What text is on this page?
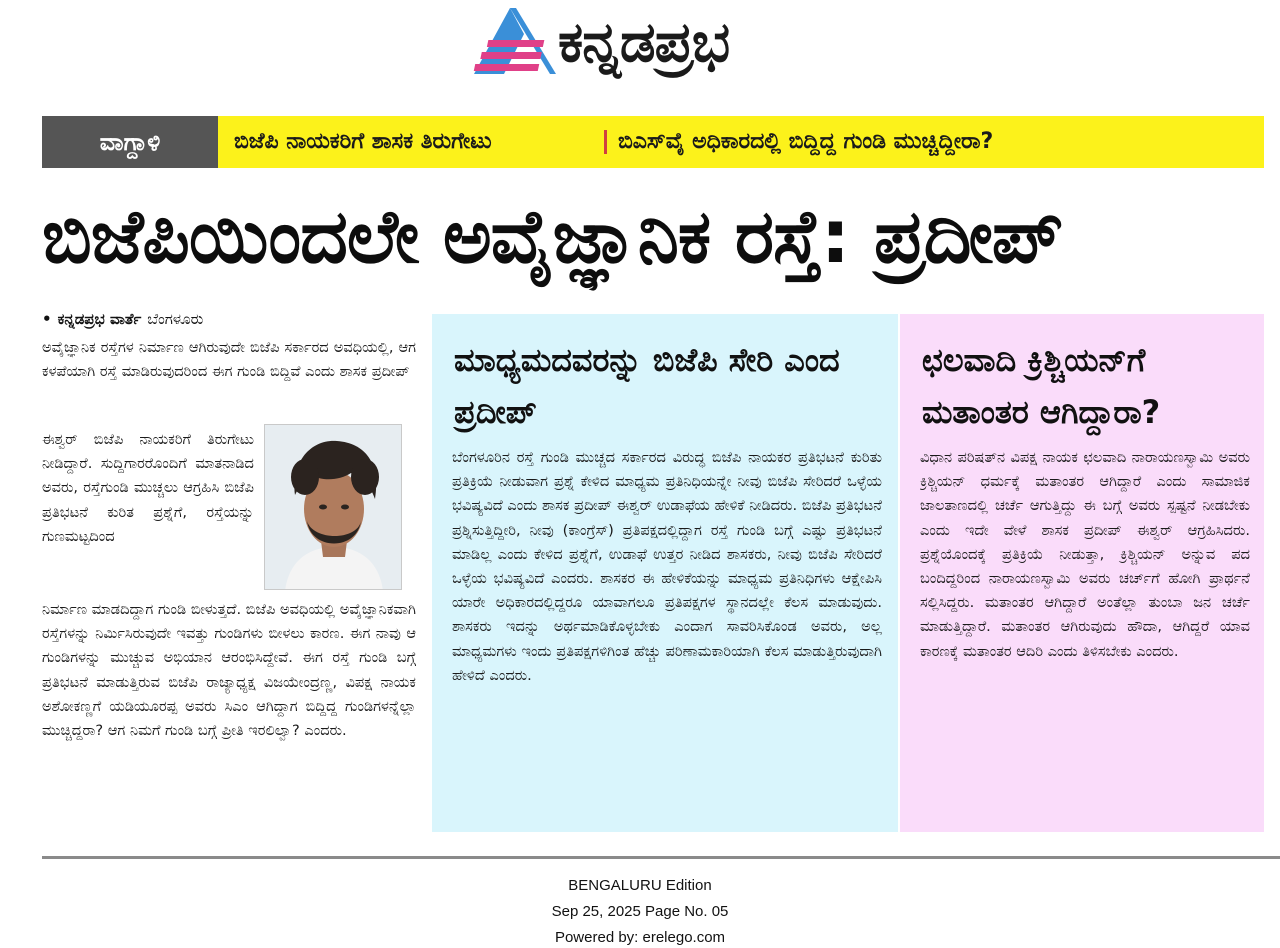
ಕನ್ನಡಪ್ರಭ
ವಾಗ್ದಾಳಿ	ಬಿಜೆಪಿ ನಾಯಕರಿಗೆ ಶಾಸಕ ತಿರುಗೇಟು	ಬಿಎಸ್‌ವೈ ಅಧಿಕಾರದಲ್ಲಿ ಬಿದ್ದಿದ್ದ ಗುಂಡಿ ಮುಚ್ಚಿದ್ದೀರಾ?
ಬಿಜೆಪಿಯಿಂದಲೇ ಅವೈಜ್ಞಾನಿಕ ರಸ್ತೆ: ಪ್ರದೀಪ್
• ಕನ್ನಡಪ್ರಭ ವಾರ್ತೆ ಬೆಂಗಳೂರು

ಅವೈಜ್ಞಾನಿಕ ರಸ್ತೆಗಳ ನಿರ್ಮಾಣ ಆಗಿರುವುದೇ ಬಿಜೆಪಿ ಸರ್ಕಾರದ ಅವಧಿಯಲ್ಲಿ, ಆಗ ಕಳಪೆಯಾಗಿ ರಸ್ತೆ ಮಾಡಿರುವುದರಿಂದ ಈಗ ಗುಂಡಿ ಬಿದ್ದಿವೆ ಎಂದು ಶಾಸಕ ಪ್ರದೀಪ್

ಈಶ್ವರ್ ಬಿಜೆಪಿ ನಾಯಕರಿಗೆ ತಿರುಗೇಟು ನೀಡಿದ್ದಾರೆ. ಸುದ್ದಿಗಾರರೊಂದಿಗೆ ಮಾತನಾಡಿದ ಅವರು, ರಸ್ತೆಗುಂಡಿ ಮುಚ್ಚಲು ಆಗ್ರಹಿಸಿ ಬಿಜೆಪಿ ಪ್ರತಿಭಟನೆ ಕುರಿತ ಪ್ರಶ್ನೆಗೆ, ರಸ್ತೆಯನ್ನು ಗುಣಮಟ್ಟದಿಂದ

ನಿರ್ಮಾಣ ಮಾಡದಿದ್ದಾಗ ಗುಂಡಿ ಬೀಳುತ್ತದೆ. ಬಿಜೆಪಿ ಅವಧಿಯಲ್ಲಿ ಅವೈಜ್ಞಾನಿಕವಾಗಿ ರಸ್ತೆಗಳನ್ನು ನಿರ್ಮಿಸಿರುವುದೇ ಇವತ್ತು ಗುಂಡಿಗಳು ಬೀಳಲು ಕಾರಣ. ಈಗ ನಾವು ಆ ಗುಂಡಿಗಳನ್ನು ಮುಚ್ಚುವ ಅಭಿಯಾನ ಆರಂಭಿಸಿದ್ದೇವೆ. ಈಗ ರಸ್ತೆ ಗುಂಡಿ ಬಗ್ಗೆ ಪ್ರತಿಭಟನೆ ಮಾಡುತ್ತಿರುವ ಬಿಜೆಪಿ ರಾಜ್ಯಾಧ್ಯಕ್ಷ ವಿಜಯೇಂದ್ರಣ್ಣ, ವಿಪಕ್ಷ ನಾಯಕ ಅಶೋಕಣ್ಣಗೆ ಯಡಿಯೂರಪ್ಪ ಅವರು ಸಿಎಂ ಆಗಿದ್ದಾಗ ಬಿದ್ದಿದ್ದ ಗುಂಡಿಗಳನ್ನೆಲ್ಲಾ ಮುಚ್ಚಿದ್ದರಾ? ಆಗ ನಿಮಗೆ ಗುಂಡಿ ಬಗ್ಗೆ ಪ್ರೀತಿ ಇರಲಿಲ್ವಾ? ಎಂದರು.

ಮಾಧ್ಯಮದವರನ್ನು ಬಿಜೆಪಿ ಸೇರಿ ಎಂದ ಪ್ರದೀಪ್

ಬೆಂಗಳೂರಿನ ರಸ್ತೆ ಗುಂಡಿ ಮುಚ್ಚದ ಸರ್ಕಾರದ ವಿರುದ್ಧ ಬಿಜೆಪಿ ನಾಯಕರ ಪ್ರತಿಭಟನೆ ಕುರಿತು ಪ್ರತಿಕ್ರಿಯೆ ನೀಡುವಾಗ ಪ್ರಶ್ನೆ ಕೇಳಿದ ಮಾಧ್ಯಮ ಪ್ರತಿನಿಧಿಯನ್ನೇ ನೀವು ಬಿಜೆಪಿ ಸೇರಿದರೆ ಒಳ್ಳೆಯ ಭವಿಷ್ಯವಿದೆ ಎಂದು ಶಾಸಕ ಪ್ರದೀಪ್ ಈಶ್ವರ್ ಉಡಾಫೆಯ ಹೇಳಿಕೆ ನೀಡಿದರು. ಬಿಜೆಪಿ ಪ್ರತಿಭಟನೆ ಪ್ರಶ್ನಿಸುತ್ತಿದ್ದೀರಿ, ನೀವು (ಕಾಂಗ್ರೆಸ್) ಪ್ರತಿಪಕ್ಷದಲ್ಲಿದ್ದಾಗ ರಸ್ತೆ ಗುಂಡಿ ಬಗ್ಗೆ ಎಷ್ಟು ಪ್ರತಿಭಟನೆ ಮಾಡಿಲ್ಲ ಎಂದು ಕೇಳಿದ ಪ್ರಶ್ನೆಗೆ, ಉಡಾಫೆ ಉತ್ತರ ನೀಡಿದ ಶಾಸಕರು, ನೀವು ಬಿಜೆಪಿ ಸೇರಿದರೆ ಒಳ್ಳೆಯ ಭವಿಷ್ಯವಿದೆ ಎಂದರು. ಶಾಸಕರ ಈ ಹೇಳಿಕೆಯನ್ನು ಮಾಧ್ಯಮ ಪ್ರತಿನಿಧಿಗಳು ಆಕ್ಷೇಪಿಸಿ ಯಾರೇ ಅಧಿಕಾರದಲ್ಲಿದ್ದರೂ ಯಾವಾಗಲೂ ಪ್ರತಿಪಕ್ಷಗಳ ಸ್ಥಾನದಲ್ಲೇ ಕೆಲಸ ಮಾಡುವುದು. ಶಾಸಕರು ಇದನ್ನು ಅರ್ಥಮಾಡಿಕೊಳ್ಳಬೇಕು ಎಂದಾಗ ಸಾವರಿಸಿಕೊಂಡ ಅವರು, ಅಲ್ಲ ಮಾಧ್ಯಮಗಳು ಇಂದು ಪ್ರತಿಪಕ್ಷಗಳಿಗಿಂತ ಹೆಚ್ಚು ಪರಿಣಾಮಕಾರಿಯಾಗಿ ಕೆಲಸ ಮಾಡುತ್ತಿರುವುದಾಗಿ ಹೇಳಿದೆ ಎಂದರು.

ಛಲವಾದಿ ಕ್ರಿಶ್ಚಿಯನ್‌ಗೆ ಮತಾಂತರ ಆಗಿದ್ದಾರಾ?

ವಿಧಾನ ಪರಿಷತ್‌ನ ವಿಪಕ್ಷ ನಾಯಕ ಛಲವಾದಿ ನಾರಾಯಣಸ್ವಾಮಿ ಅವರು ಕ್ರಿಶ್ಚಿಯನ್ ಧರ್ಮಕ್ಕೆ ಮತಾಂತರ ಆಗಿದ್ದಾರೆ ಎಂದು ಸಾಮಾಜಿಕ ಜಾಲತಾಣದಲ್ಲಿ ಚರ್ಚೆ ಆಗುತ್ತಿದ್ದು ಈ ಬಗ್ಗೆ ಅವರು ಸ್ಪಷ್ಟನೆ ನೀಡಬೇಕು ಎಂದು ಇದೇ ವೇಳೆ ಶಾಸಕ ಪ್ರದೀಪ್ ಈಶ್ವರ್ ಆಗ್ರಹಿಸಿದರು. ಪ್ರಶ್ನೆಯೊಂದಕ್ಕೆ ಪ್ರತಿಕ್ರಿಯೆ ನೀಡುತ್ತಾ, ಕ್ರಿಶ್ಚಿಯನ್ ಅನ್ನುವ ಪದ ಬಂದಿದ್ದರಿಂದ ನಾರಾಯಣಸ್ವಾಮಿ ಅವರು ಚರ್ಚ್‌ಗೆ ಹೋಗಿ ಪ್ರಾರ್ಥನೆ ಸಲ್ಲಿಸಿದ್ದರು. ಮತಾಂತರ ಆಗಿದ್ದಾರೆ ಅಂತೆಲ್ಲಾ ತುಂಬಾ ಜನ ಚರ್ಚೆ ಮಾಡುತ್ತಿದ್ದಾರೆ. ಮತಾಂತರ ಆಗಿರುವುದು ಹೌದಾ, ಆಗಿದ್ದರೆ ಯಾವ ಕಾರಣಕ್ಕೆ ಮತಾಂತರ ಆದಿರಿ ಎಂದು ತಿಳಿಸಬೇಕು ಎಂದರು.

BENGALURU Edition
Sep 25, 2025 Page No. 05
Powered by: erelego.com
